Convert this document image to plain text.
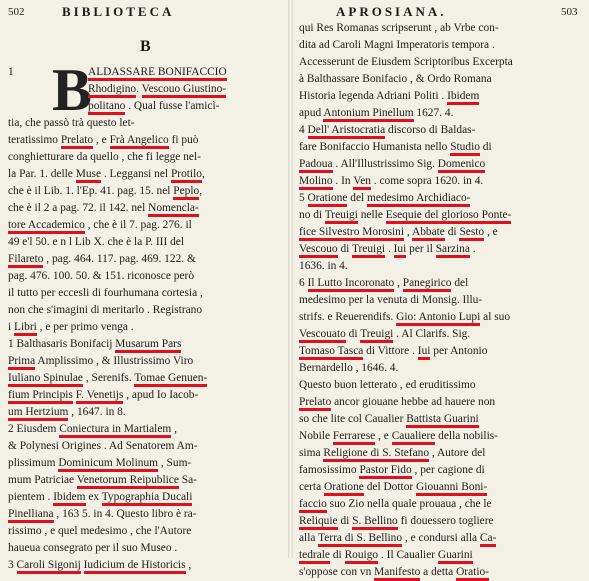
502	BIBLIOTECA
B
B
1	ALDASSARE BONIFACCIO
Rhodigino. Vescouo Giustino-
politano . Qual fusse l'amicì-
tia, che passò trà questo let-
teratissimo Prelato , e Frà Angelico fi può
conghietturare da quello , che fi legge nel-
la Par. 1. delle Muse . Leggansi nel Protilo,
che è il Lib. 1. l'Ep. 41. pag. 15. nel Peplo,
che è il 2 a pag. 72. il 142. nel Nomencla-
tore Accademico , che è il 7. pag. 276. il
49 e'l 50. e n l Lib X. che è la P. III del
Filareto , pag. 464. 117. pag. 469. 122. &
pag. 476. 100. 50. & 151. riconosce però
il tutto per eccesli di fourhumana cortesia ,
non che s'imagini di meritarlo . Registrano
i Libri , e per primo venga .
1 Balthasaris Bonifacij Musarum Pars
Prima Amplissimo , & Illustrissimo Viro
Iuliano Spinulae , Serenifs. Tomae Genuen-
fium Principis F. Venetijs , apud Io Iacob-
um Hertzium , 1647. in 8.
2 Eiusdem Coniectura in Martialem ,
& Polynesi Origines . Ad Senatorem Am-
plissimum Dominicum Molinum , Sum-
mum Patriciae Venetorum Reipublice Sa-
pientem . Ibidem ex Typographia Ducali
Pinelliana , 163 5. in 4. Questo libro è ra-
rissimo , e quel medesimo , che l'Autore
haueua consegrato per il suo Museo .
3 Caroli Sigonij Iudicium de Historicis ,
APROSIANA.	503
qui Res Romanas scripserunt , ab Vrbe con-
dita ad Caroli Magni Imperatoris tempora .
Accesserunt de Eiusdem Scriptoribus Excerpta
à Balthassare Bonifacio , & Ordo Romana
Historia legenda Adriani Politi . Ibidem
apud Antonium Pinellum 1627. 4.
4 Dell' Aristocratia discorso di Baldas-
fare Bonifaccio Humanista nello Studio di
Padoua . All'Illustrissimo Sig. Domenico
Molino . In Ven . come sopra 1620. in 4.
5 Oratione del medesimo Archidiaco-
no di Treuigi nelle Esequie del glorioso Ponte-
fice Silvestro Morosini , Abbate di Sesto , e
Vescouo di Treuigi . Iui per il Sarzina .
1636. in 4.
6 Il Lutto Incoronato , Panegirico del
medesimo per la venuta di Monsig. Illu-
strifs. e Reuerendifs. Gio: Antonio Lupi al suo
Vescouato di Treuigi . Al Clarifs. Sig.
Tomaso Tasca di Vittore . Iui per Antonio
Bernardello , 1646. 4.
Questo buon letterato , ed eruditissimo
Prelato ancor giouane hebbe ad hauere non
so che lite col Caualier Battista Guarini
Nobile Ferrarese , e Caualiere della nobilis-
sima Religione di S. Stefano , Autore del
famosissimo Pastor Fido , per cagione di
certa Oratione del Dottor Giouanni Boni-
faccio suo Zio nella quale prouaua , che le
Reliquie di S. Bellino fi douessero togliere
alla Terra di S. Bellino , e condursi alla Ca-
tedrale di Rouigo . Il Caualier Guarini
s'oppose con vn Manifesto a detta Oratio-
